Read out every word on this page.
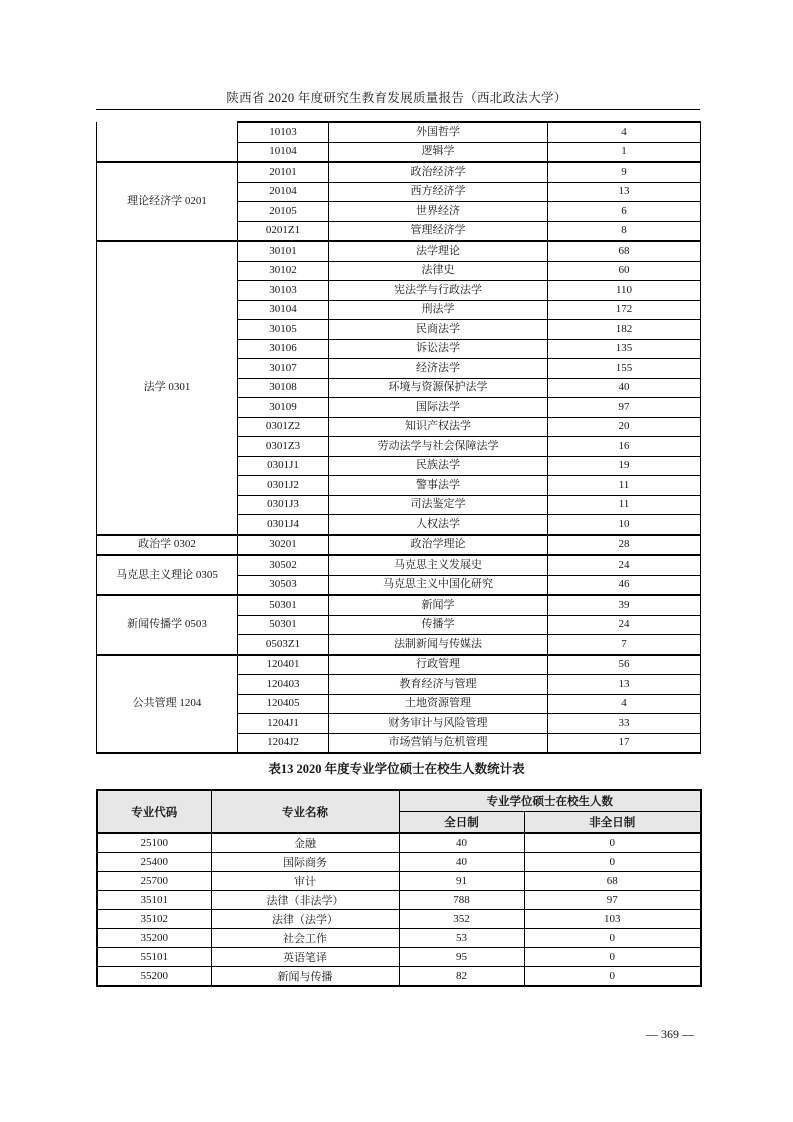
陕西省 2020 年度研究生教育发展质量报告（西北政法大学）
	10103	外国哲学	4
	10104	逻辑学	1
理论经济学 0201	20101	政治经济学	9
	20104	西方经济学	13
	20105	世界经济	6
	0201Z1	管理经济学	8
法学 0301	30101	法学理论	68
	30102	法律史	60
	30103	宪法学与行政法学	110
	30104	刑法学	172
	30105	民商法学	182
	30106	诉讼法学	135
	30107	经济法学	155
	30108	环境与资源保护法学	40
	30109	国际法学	97
	0301Z2	知识产权法学	20
	0301Z3	劳动法学与社会保障法学	16
	0301J1	民族法学	19
	0301J2	警事法学	11
	0301J3	司法鉴定学	11
	0301J4	人权法学	10
政治学 0302	30201	政治学理论	28
马克思主义理论 0305	30502	马克思主义发展史	24
	30503	马克思主义中国化研究	46
新闻传播学 0503	50301	新闻学	39
	50301	传播学	24
	0503Z1	法制新闻与传媒法	7
公共管理 1204	120401	行政管理	56
	120403	教育经济与管理	13
	120405	土地资源管理	4
	1204J1	财务审计与风险管理	33
	1204J2	市场营销与危机管理	17
表13 2020 年度专业学位硕士在校生人数统计表
专业代码	专业名称	专业学位硕士在校生人数	
		全日制	非全日制
25100	金融	40	0
25400	国际商务	40	0
25700	审计	91	68
35101	法律（非法学）	788	97
35102	法律（法学）	352	103
35200	社会工作	53	0
55101	英语笔译	95	0
55200	新闻与传播	82	0
— 369 —
